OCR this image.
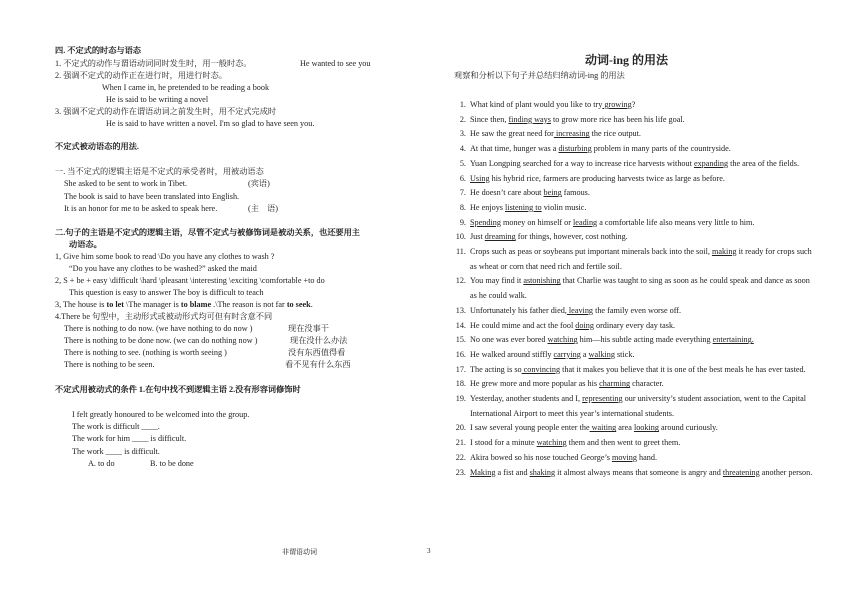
四. 不定式的时态与语态
1. 不定式的动作与谓语动词同时发生时，用一般时态。	He wanted to see you
2. 强调不定式的动作正在进行时，用进行时态。
When I came in, he pretended to be reading a book
He is said to be writing a novel
3. 强调不定式的动作在谓语动词之前发生时，用不定式完成时
He is said to have written a novel. I'm so glad to have seen you.
不定式被动语态的用法.
一. 当不定式的逻辑主语是不定式的承受者时，用被动语态
She asked to be sent to work in Tibet.	(宾语)
The book is said to have been translated into English.
It is an honor for me to be asked to speak here.	(主　语)
二.句子的主语是不定式的逻辑主语，尽管不定式与被修饰词是被动关系，也还要用主
动语态。
1, Give him some book to read \Do you have any clothes to wash ?
“Do you have any clothes to be washed?” asked the maid
2, S + be + easy \difficult \hard \pleasant \interesting \exciting \comfortable +to do
This question is easy to answer The boy is difficult to teach
3, The house is to let \The manager is to blame .\The reason is not far to seek.
4.There be 句型中，主动形式或被动形式均可但有时含意不同
There is nothing to do now. (we have nothing to do now )	现在没事干
There is nothing to be done now. (we can do nothing now )	现在没什么办法
There is nothing to see. (nothing is worth seeing )	没有东西值得看
There is nothing to be seen.	看不见有什么东西
不定式用被动式的条件 1.在句中找不到逻辑主语 2.没有形容词修饰时
I felt greatly honoured to be welcomed into the group.
The work is difficult ____.
The work for him ____ is difficult.
The work ____ is difficult.
A. to do	B. to be done
动词-ing 的用法
观察和分析以下句子并总结归纳动词-ing 的用法
1. What kind of plant would you like to try growing?
2. Since then, finding ways to grow more rice has been his life goal.
3. He saw the great need for increasing the rice output.
4. At that time, hunger was a disturbing problem in many parts of the countryside.
5. Yuan Longping searched for a way to increase rice harvests without expanding the area of the fields.
6. Using his hybrid rice, farmers are producing harvests twice as large as before.
7. He doesn’t care about being famous.
8. He enjoys listening to violin music.
9. Spending money on himself or leading a comfortable life also means very little to him.
10. Just dreaming for things, however, cost nothing.
11. Crops such as peas or soybeans put important minerals back into the soil, making it ready for crops such as wheat or corn that need rich and fertile soil.
12. You may find it astonishing that Charlie was taught to sing as soon as he could speak and dance as soon as he could walk.
13. Unfortunately his father died, leaving the family even worse off.
14. He could mime and act the fool doing ordinary every day task.
15. No one was ever bored watching him—his subtle acting made everything entertaining.
16. He walked around stiffly carrying a walking stick.
17. The acting is so convincing that it makes you believe that it is one of the best meals he has ever tasted.
18. He grew more and more popular as his charming character.
19. Yesterday, another students and I, representing our university’s student association, went to the Capital International Airport to meet this year’s international students.
20. I saw several young people enter the waiting area looking around curiously.
21. I stood for a minute watching them and then went to greet them.
22. Akira bowed so his nose touched George’s moving hand.
23. Making a fist and shaking it almost always means that someone is angry and threatening another person.
非谓语动词	3
